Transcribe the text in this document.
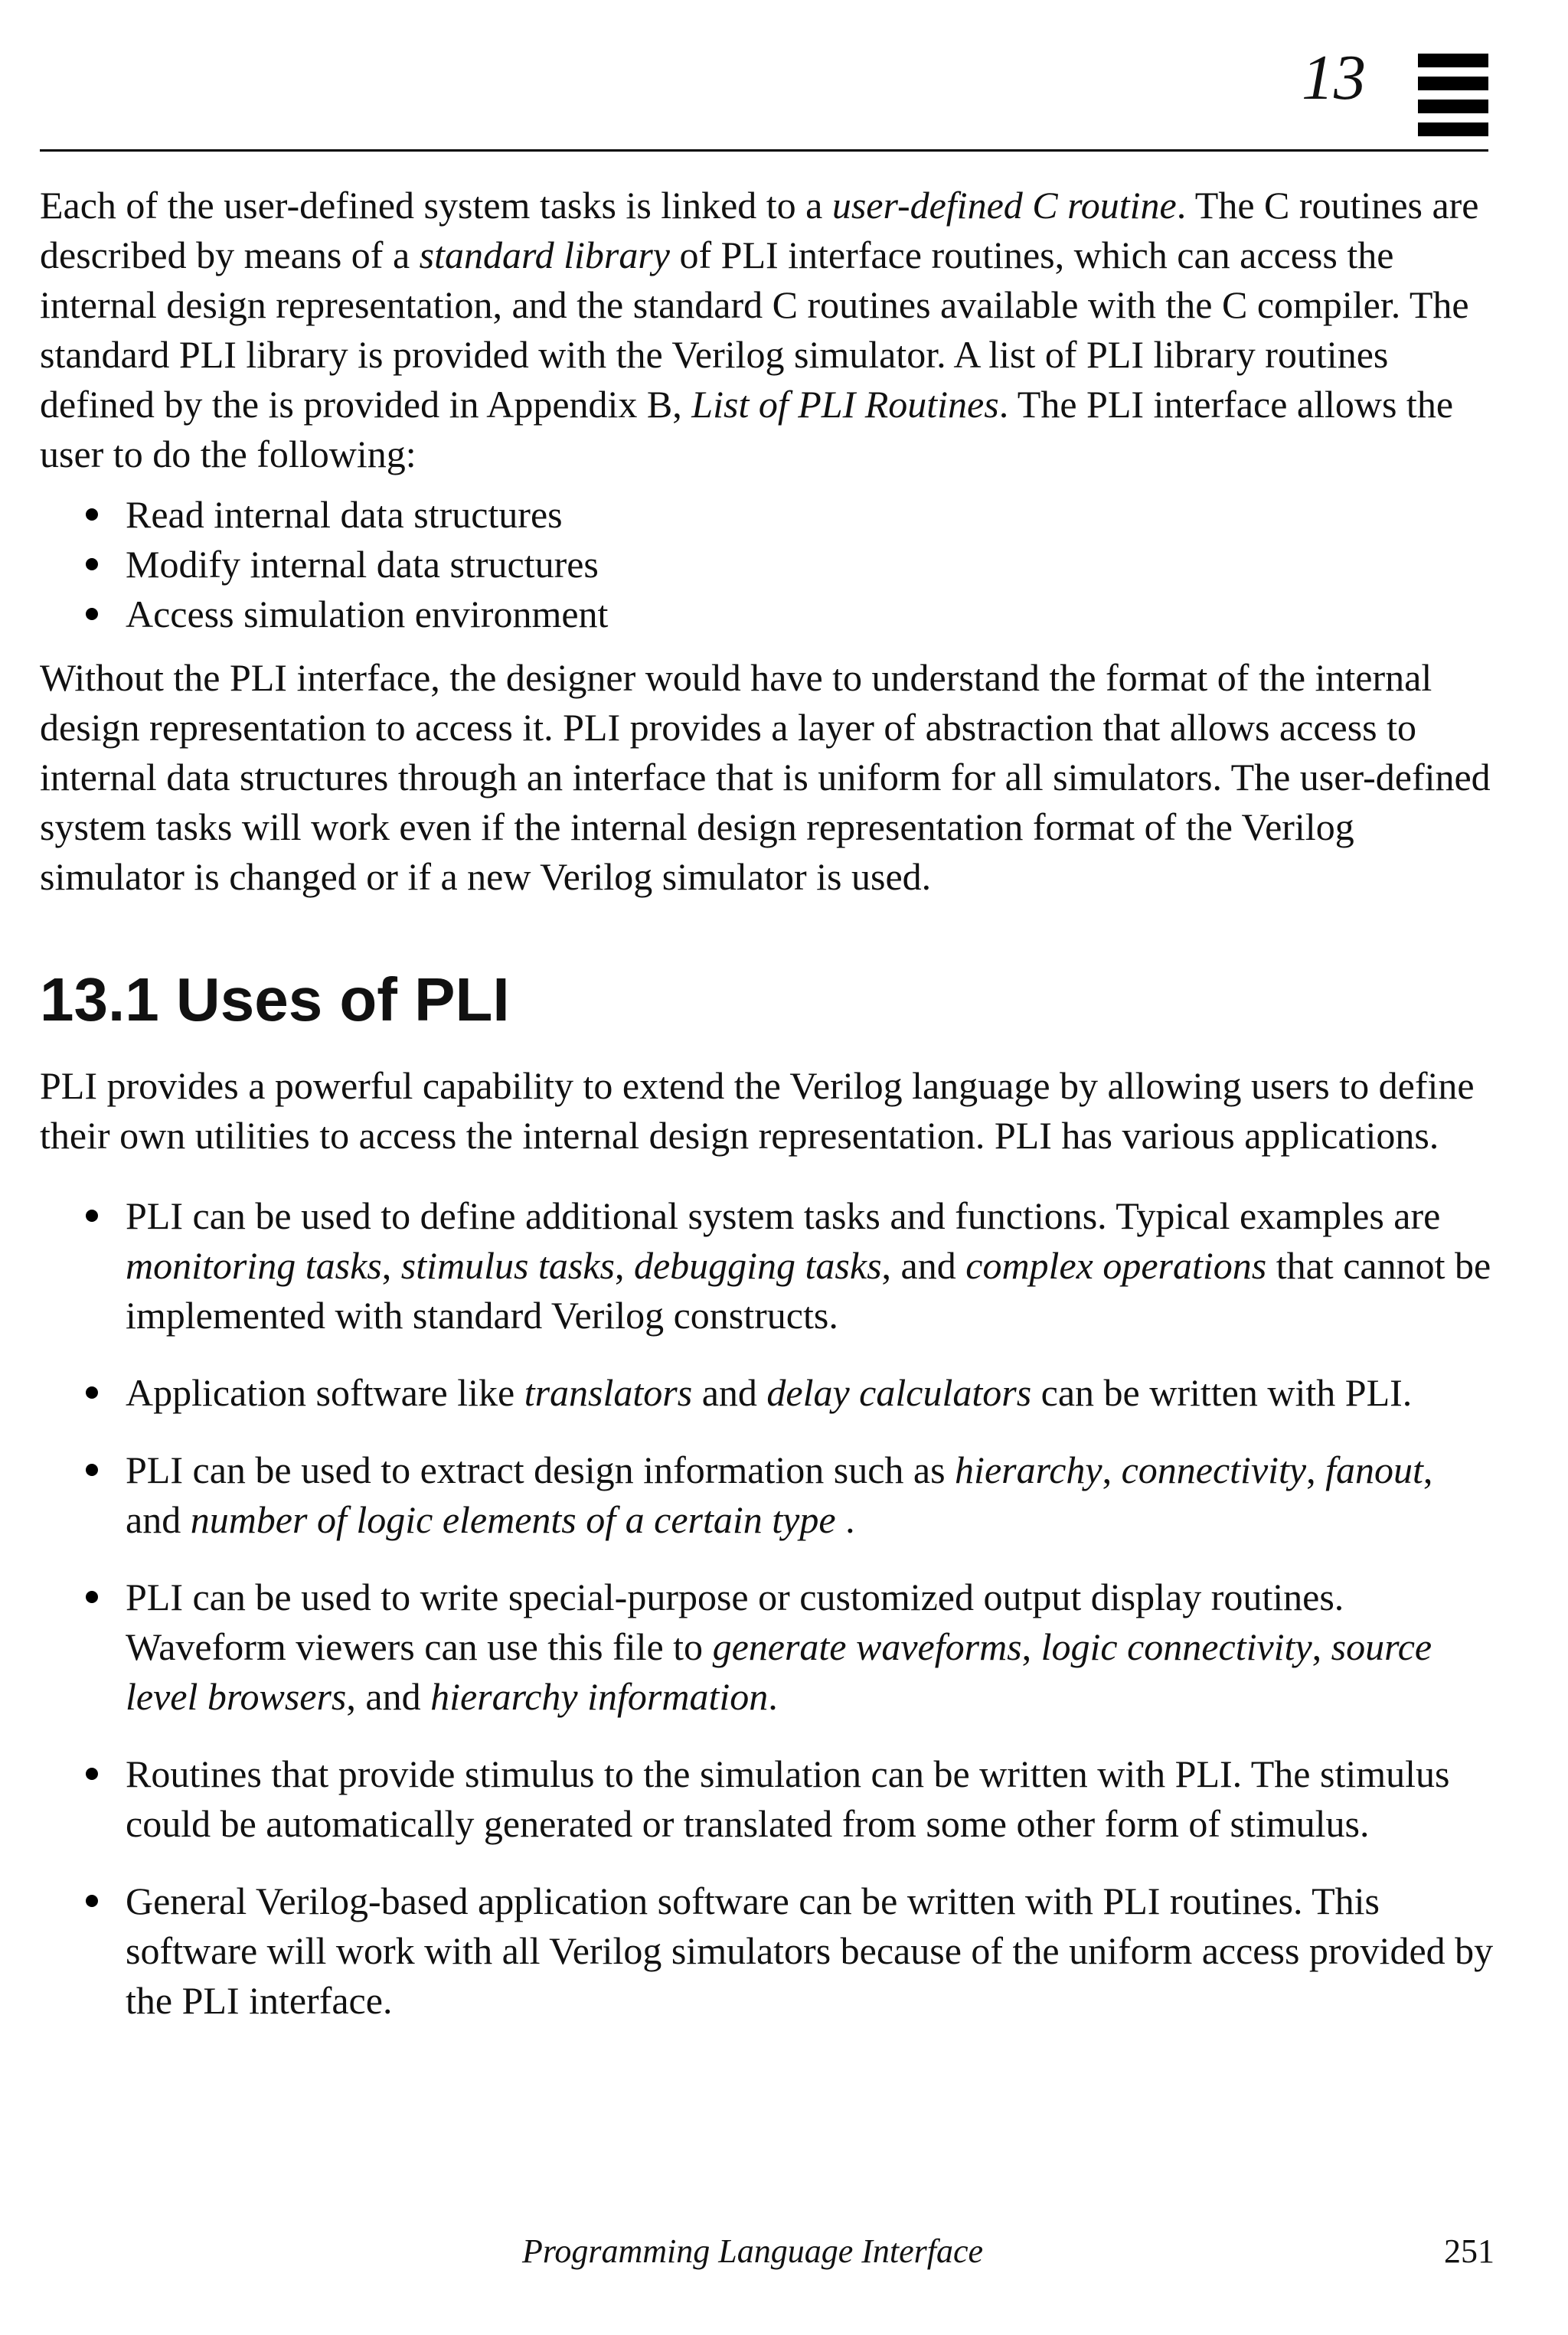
13

Each of the user-defined system tasks is linked to a user-defined C routine. The C routines are described by means of a standard library of PLI interface routines, which can access the internal design representation, and the standard C routines available with the C compiler. The standard PLI library is provided with the Verilog simulator. A list of PLI library routines defined by the is provided in Appendix B, List of PLI Routines. The PLI interface allows the user to do the following:

Read internal data structures
Modify internal data structures
Access simulation environment

Without the PLI interface, the designer would have to understand the format of the internal design representation to access it. PLI provides a layer of abstraction that allows access to internal data structures through an interface that is uniform for all simulators. The user-defined system tasks will work even if the internal design representation format of the Verilog simulator is changed or if a new Verilog simulator is used.

13.1 Uses of PLI

PLI provides a powerful capability to extend the Verilog language by allowing users to define their own utilities to access the internal design representation. PLI has various applications.

PLI can be used to define additional system tasks and functions. Typical examples are monitoring tasks, stimulus tasks, debugging tasks, and complex operations that cannot be implemented with standard Verilog constructs.
Application software like translators and delay calculators can be written with PLI.
PLI can be used to extract design information such as hierarchy, connectivity, fanout, and number of logic elements of a certain type .
PLI can be used to write special-purpose or customized output display routines. Waveform viewers can use this file to generate waveforms, logic connectivity, source level browsers, and hierarchy information.
Routines that provide stimulus to the simulation can be written with PLI. The stimulus could be automatically generated or translated from some other form of stimulus.
General Verilog-based application software can be written with PLI routines. This software will work with all Verilog simulators because of the uniform access provided by the PLI interface.
Programming Language Interface	251
